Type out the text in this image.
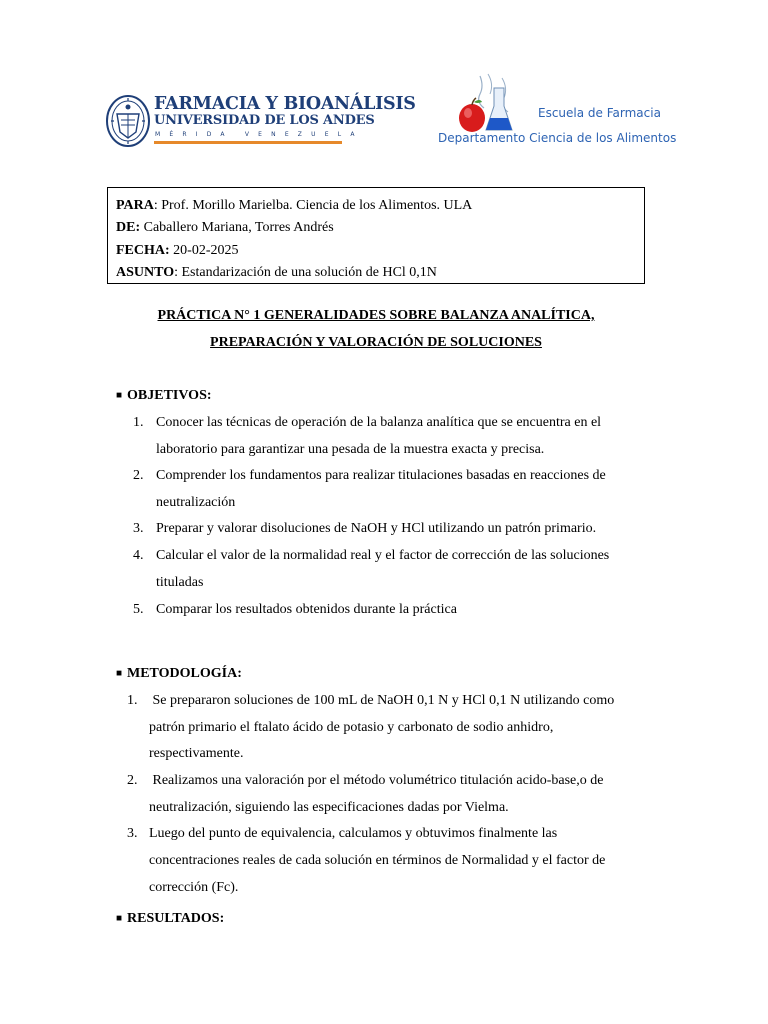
FARMACIA Y BIOANÁLISIS
UNIVERSIDAD DE LOS ANDES
MÉRIDA VENEZUELA
Escuela de Farmacia
Departamento Ciencia de los Alimentos
PARA: Prof. Morillo Marielba. Ciencia de los Alimentos. ULA
DE: Caballero Mariana, Torres Andrés
FECHA: 20-02-2025
ASUNTO: Estandarización de una solución de HCl 0,1N
PRÁCTICA N° 1 GENERALIDADES SOBRE BALANZA ANALÍTICA,
PREPARACIÓN Y VALORACIÓN DE SOLUCIONES
■ OBJETIVOS:
1. Conocer las técnicas de operación de la balanza analítica que se encuentra en el
laboratorio para garantizar una pesada de la muestra exacta y precisa.
2. Comprender los fundamentos para realizar titulaciones basadas en reacciones de
neutralización
3. Preparar y valorar disoluciones de NaOH y HCl utilizando un patrón primario.
4. Calcular el valor de la normalidad real y el factor de corrección de las soluciones
tituladas
5. Comparar los resultados obtenidos durante la práctica
■ METODOLOGÍA:
1. Se prepararon soluciones de 100 mL de NaOH 0,1 N y HCl 0,1 N utilizando como
patrón primario el ftalato ácido de potasio y carbonato de sodio anhidro,
respectivamente.
2. Realizamos una valoración por el método volumétrico titulación acido-base,o de
neutralización, siguiendo las especificaciones dadas por Vielma.
3. Luego del punto de equivalencia, calculamos y obtuvimos finalmente las
concentraciones reales de cada solución en términos de Normalidad y el factor de
corrección (Fc).
■ RESULTADOS:
